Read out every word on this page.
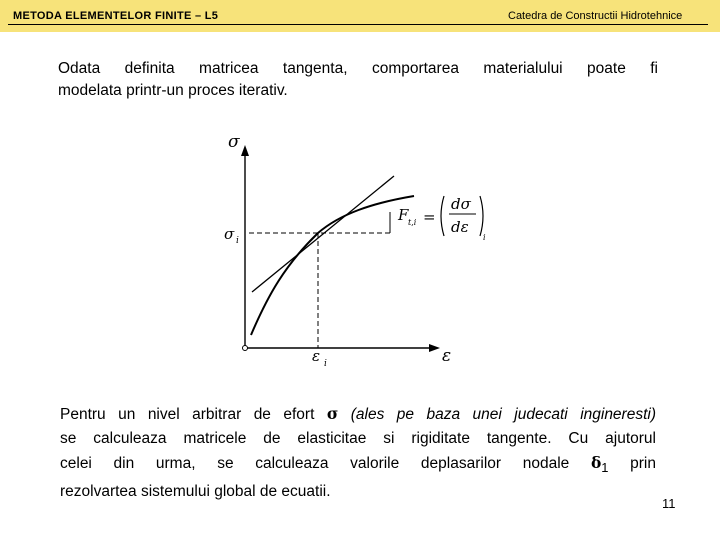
METODA ELEMENTELOR FINITE – L5	Catedra de Constructii Hidrotehnice
Odata definita matricea tangenta, comportarea materialului poate fi
modelata printr-un proces iterativ.
σ
ε
σ i
ε i
F t,i =
dσ
dε
i
Pentru un nivel arbitrar de efort σ (ales pe baza unei judecati ingineresti)
se calculeaza matricele de elasticitae si rigiditate tangente. Cu ajutorul
celei din urma, se calculeaza valorile deplasarilor nodale $\delta_1$ prin
rezolvartea sistemului global de ecuatii.
11
